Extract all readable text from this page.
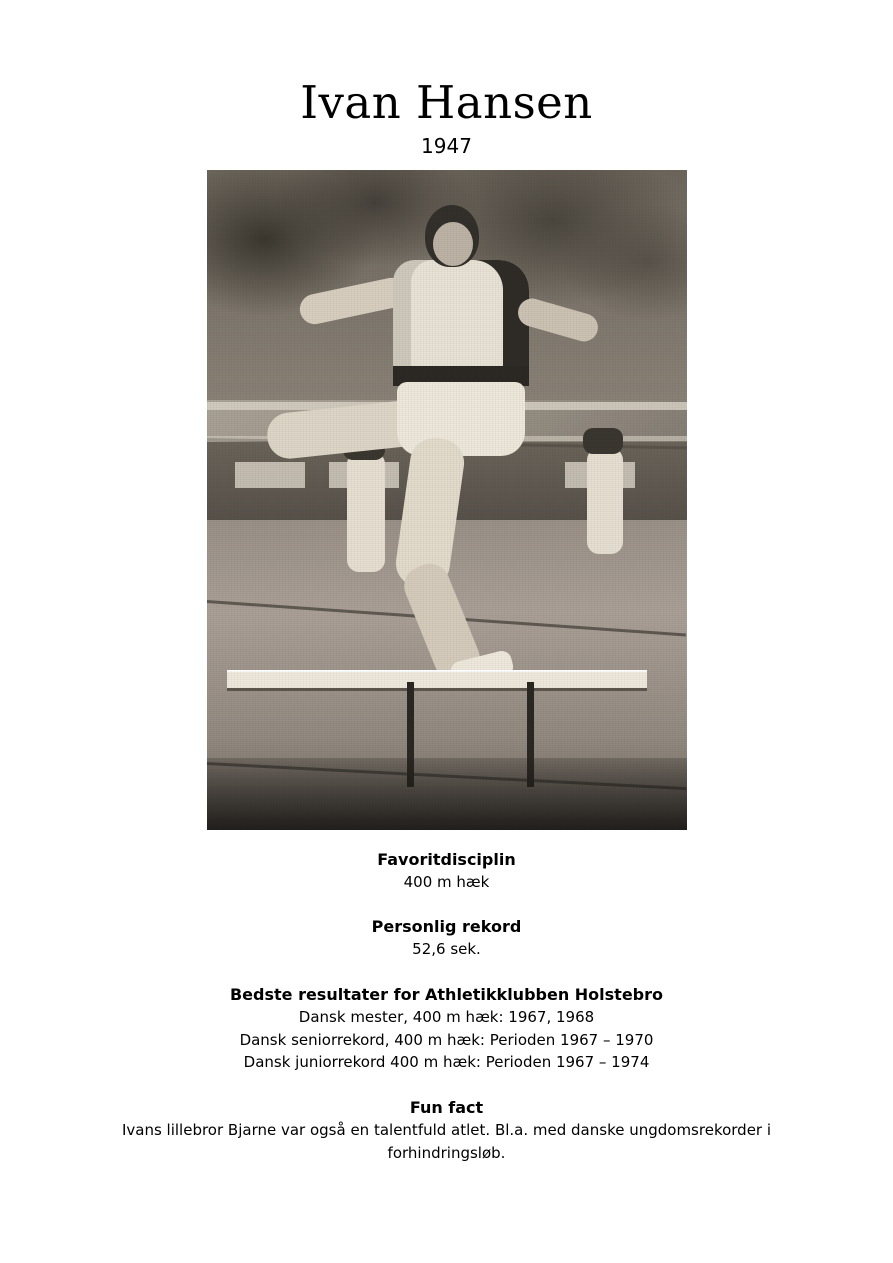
Ivan Hansen
1947

Favoritdisciplin

400 m hæk

Personlig rekord

52,6 sek.

Bedste resultater for Athletikklubben Holstebro

Dansk mester, 400 m hæk: 1967, 1968

Dansk seniorrekord, 400 m hæk: Perioden 1967 – 1970

Dansk juniorrekord 400 m hæk: Perioden 1967 – 1974

Fun fact

Ivans lillebror Bjarne var også en talentfuld atlet. Bl.a. med danske ungdomsrekorder i forhindringsløb.
